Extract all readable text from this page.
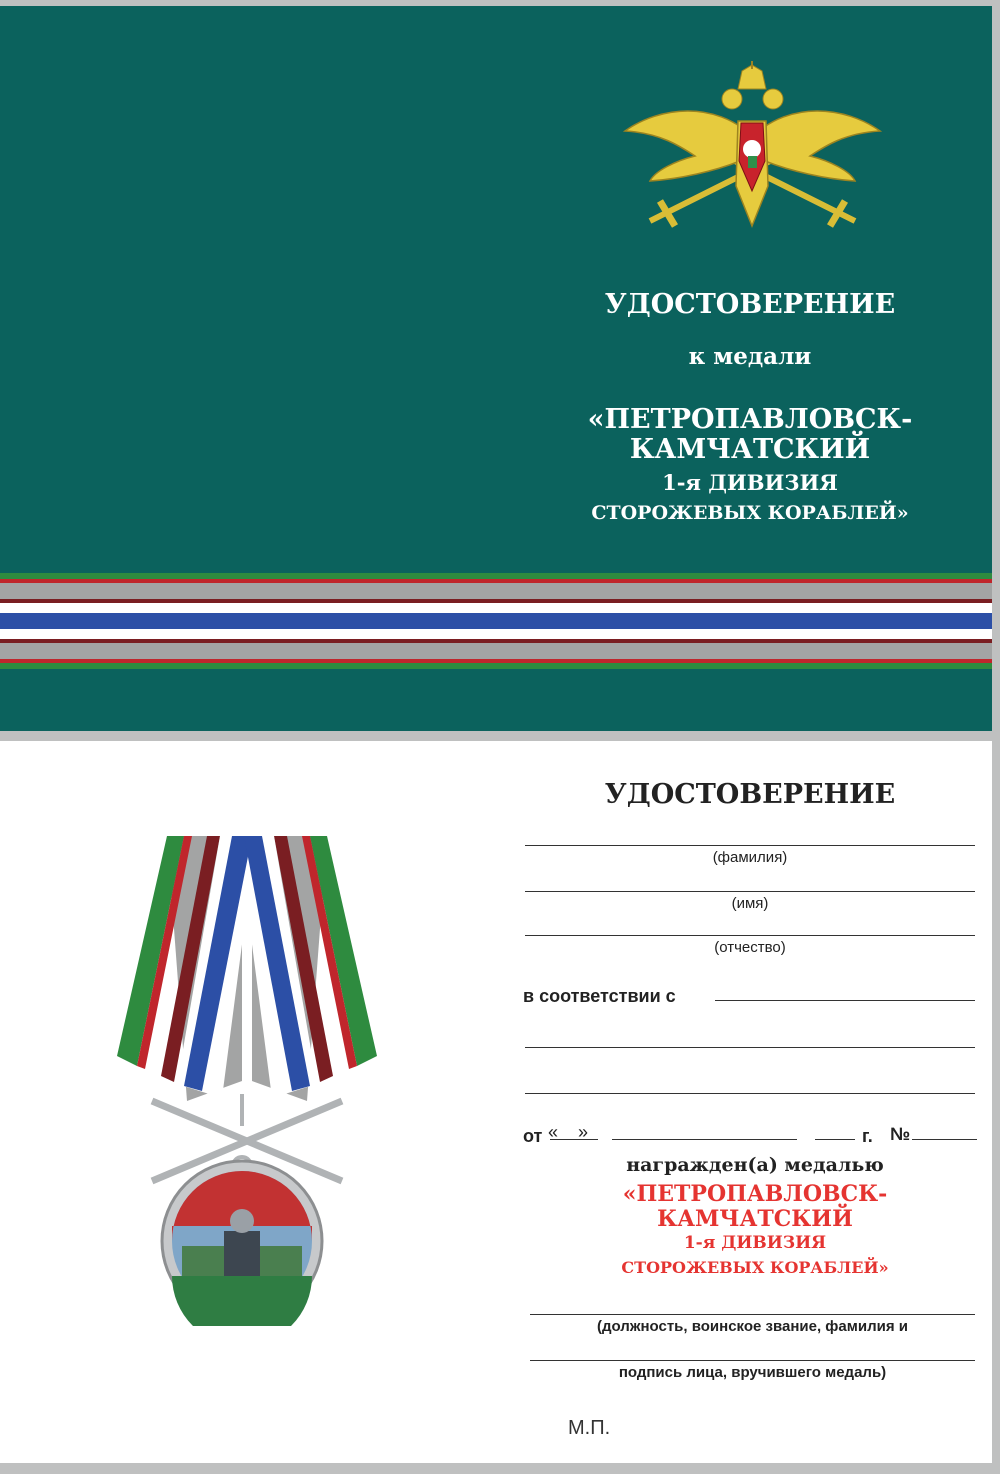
УДОСТОВЕРЕНИЕ
к медали
«ПЕТРОПАВЛОВСК-
КАМЧАТСКИЙ
1-я ДИВИЗИЯ
СТОРОЖЕВЫХ КОРАБЛЕЙ»
УДОСТОВЕРЕНИЕ
(фамилия)
(имя)
(отчество)
в соответствии с
от «    »	г. №
награжден(а) медалью
«ПЕТРОПАВЛОВСК-
КАМЧАТСКИЙ
1-я ДИВИЗИЯ
СТОРОЖЕВЫХ КОРАБЛЕЙ»
(должность, воинское звание, фамилия и
подпись лица, вручившего медаль)
М.П.
